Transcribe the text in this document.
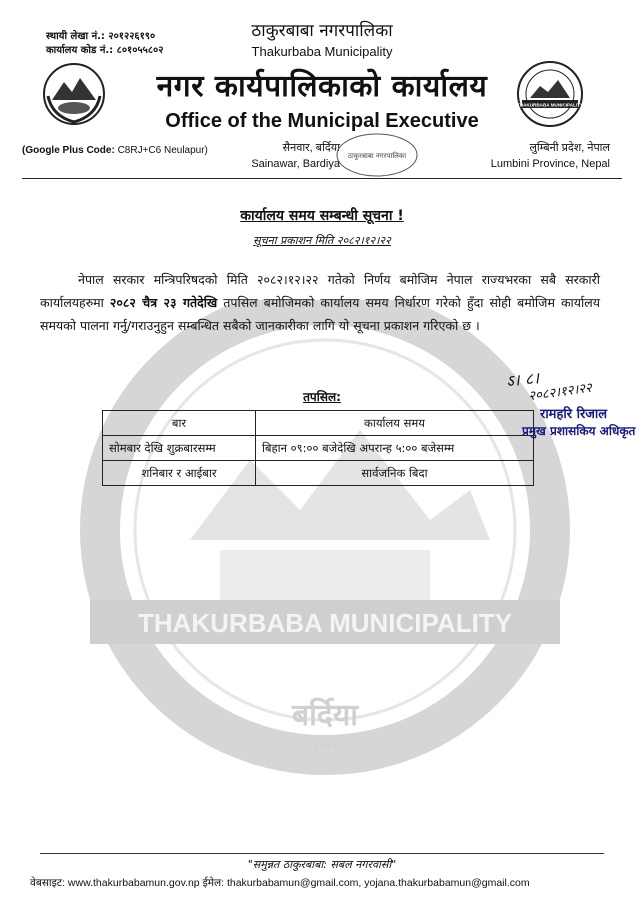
THAKURBABA MUNICIPALITY
बर्दिया
२०७३
स्थायी लेखा नं.: २०१२२६१९०
कार्यालय कोड नं.: ८०१०५५८०२
ठाकुरबाबा नगरपालिका
Thakurbaba Municipality
नगर कार्यपालिकाको कार्यालय
THAKURBABA MUNICIPALITY
Office of the Municipal Executive
(Google Plus Code: C8RJ+C6 Neulapur)	सैनवार, बर्दिया
Sainawar, Bardiya
ठाकुरबाबा नगरपालिका
लुम्बिनी प्रदेश, नेपाल
Lumbini Province, Nepal
कार्यालय समय सम्बन्धी सूचना !
सूचना प्रकाशन मिति २०८२।१२।२२
नेपाल सरकार मन्त्रिपरिषदको मिति २०८२।१२।२२ गतेको निर्णय बमोजिम नेपाल राज्यभरका सबै सरकारी कार्यालयहरुमा २०८२ चैत्र २३ गतेदेखि तपसिल बमोजिमको कार्यालय समय निर्धारण गरेको हुँदा सोही बमोजिम कार्यालय समयको पालना गर्नु/गराउनुहुन सम्बन्धित सबैको जानकारीका लागि यो सूचना प्रकाशन गरिएको छ ।
तपसिल:
बार	कार्यालय समय
सोमबार देखि शुक्रबारसम्म	बिहान ०९:०० बजेदेखि अपरान्ह ५:०० बजेसम्म
शनिबार र आईबार	सार्वजनिक बिदा
ऽ। ८।
२०८२।१२।२२
रामहरि रिजाल
प्रमुख प्रशासकिय अधिकृत
"समुन्नत ठाकुरबाबा: सबल नगरवासी"
वेबसाइट: www.thakurbabamun.gov.np ईमेल: thakurbabamun@gmail.com, yojana.thakurbabamun@gmail.com
